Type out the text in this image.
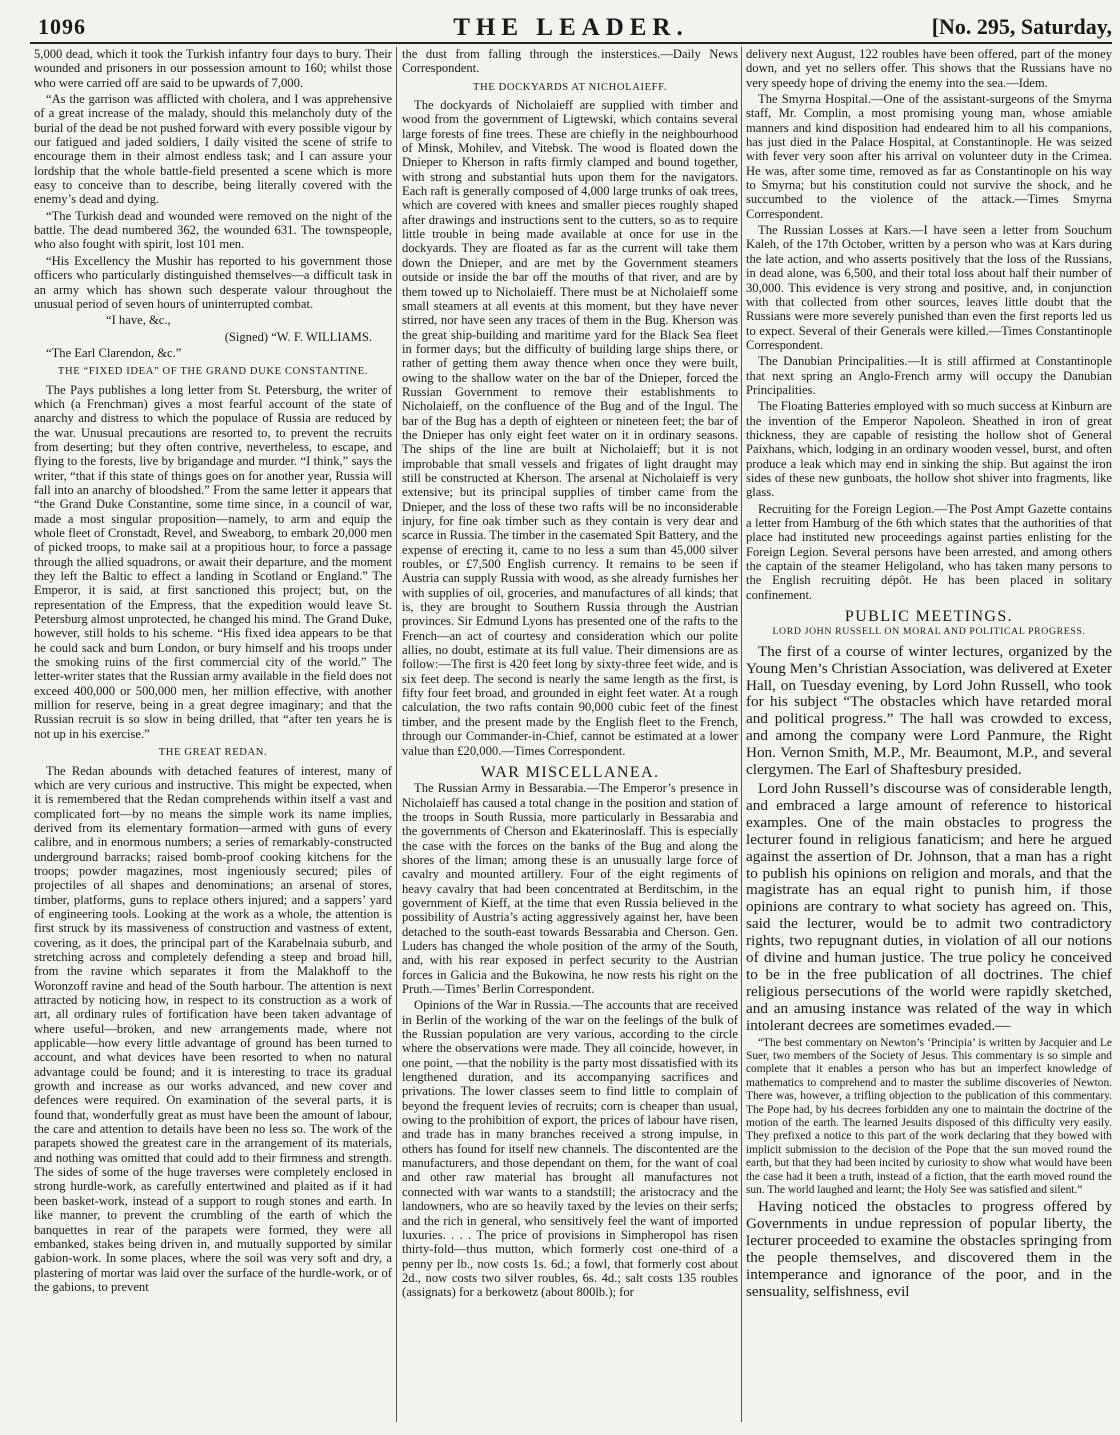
1096	THE LEADER.	[No. 295, Saturday,

5,000 dead, which it took the Turkish infantry four days to bury. Their wounded and prisoners in our possession amount to 160; whilst those who were carried off are said to be upwards of 7,000.

“As the garrison was afflicted with cholera, and I was apprehensive of a great increase of the malady, should this melancholy duty of the burial of the dead be not pushed forward with every possible vigour by our fatigued and jaded soldiers, I daily visited the scene of strife to encourage them in their almost endless task; and I can assure your lordship that the whole battle-field presented a scene which is more easy to conceive than to describe, being literally covered with the enemy’s dead and dying.

“The Turkish dead and wounded were removed on the night of the battle. The dead numbered 362, the wounded 631. The townspeople, who also fought with spirit, lost 101 men.

“His Excellency the Mushir has reported to his government those officers who particularly distinguished themselves—a difficult task in an army which has shown such desperate valour throughout the unusual period of seven hours of uninterrupted combat.

“I have, &c.,

(Signed) “W. F. WILLIAMS.

“The Earl Clarendon, &c.”

THE “FIXED IDEA” OF THE GRAND DUKE CONSTANTINE.

The Pays publishes a long letter from St. Petersburg, the writer of which (a Frenchman) gives a most fearful account of the state of anarchy and distress to which the populace of Russia are reduced by the war. Unusual precautions are resorted to, to prevent the recruits from deserting; but they often contrive, nevertheless, to escape, and flying to the forests, live by brigandage and murder. “I think,” says the writer, “that if this state of things goes on for another year, Russia will fall into an anarchy of bloodshed.” From the same letter it appears that “the Grand Duke Constantine, some time since, in a council of war, made a most singular proposition—namely, to arm and equip the whole fleet of Cronstadt, Revel, and Sweaborg, to embark 20,000 men of picked troops, to make sail at a propitious hour, to force a passage through the allied squadrons, or await their departure, and the moment they left the Baltic to effect a landing in Scotland or England.” The Emperor, it is said, at first sanctioned this project; but, on the representation of the Empress, that the expedition would leave St. Petersburg almost unprotected, he changed his mind. The Grand Duke, however, still holds to his scheme. “His fixed idea appears to be that he could sack and burn London, or bury himself and his troops under the smoking ruins of the first commercial city of the world.” The letter-writer states that the Russian army available in the field does not exceed 400,000 or 500,000 men, her million effective, with another million for reserve, being in a great degree imaginary; and that the Russian recruit is so slow in being drilled, that “after ten years he is not up in his exercise.”

THE GREAT REDAN.

The Redan abounds with detached features of interest, many of which are very curious and instructive. This might be expected, when it is remembered that the Redan comprehends within itself a vast and complicated fort—by no means the simple work its name implies, derived from its elementary formation—armed with guns of every calibre, and in enormous numbers; a series of remarkably-constructed underground barracks; raised bomb-proof cooking kitchens for the troops; powder magazines, most ingeniously secured; piles of projectiles of all shapes and denominations; an arsenal of stores, timber, platforms, guns to replace others injured; and a sappers’ yard of engineering tools. Looking at the work as a whole, the attention is first struck by its massiveness of construction and vastness of extent, covering, as it does, the principal part of the Karabelnaia suburb, and stretching across and completely defending a steep and broad hill, from the ravine which separates it from the Malakhoff to the Woronzoff ravine and head of the South harbour. The attention is next attracted by noticing how, in respect to its construction as a work of art, all ordinary rules of fortification have been taken advantage of where useful—broken, and new arrangements made, where not applicable—how every little advantage of ground has been turned to account, and what devices have been resorted to when no natural advantage could be found; and it is interesting to trace its gradual growth and increase as our works advanced, and new cover and defences were required. On examination of the several parts, it is found that, wonderfully great as must have been the amount of labour, the care and attention to details have been no less so. The work of the parapets showed the greatest care in the arrangement of its materials, and nothing was omitted that could add to their firmness and strength. The sides of some of the huge traverses were completely enclosed in strong hurdle-work, as carefully entertwined and plaited as if it had been basket-work, instead of a support to rough stones and earth. In like manner, to prevent the crumbling of the earth of which the banquettes in rear of the parapets were formed, they were all embanked, stakes being driven in, and mutually supported by similar gabion-work. In some places, where the soil was very soft and dry, a plastering of mortar was laid over the surface of the hurdle-work, or of the gabions, to prevent

the dust from falling through the insterstices.—Daily News Correspondent.

THE DOCKYARDS AT NICHOLAIEFF.

The dockyards of Nicholaieff are supplied with timber and wood from the government of Ligtewski, which contains several large forests of fine trees. These are chiefly in the neighbourhood of Minsk, Mohilev, and Vitebsk. The wood is floated down the Dnieper to Kherson in rafts firmly clamped and bound together, with strong and substantial huts upon them for the navigators. Each raft is generally composed of 4,000 large trunks of oak trees, which are covered with knees and smaller pieces roughly shaped after drawings and instructions sent to the cutters, so as to require little trouble in being made available at once for use in the dockyards. They are floated as far as the current will take them down the Dnieper, and are met by the Government steamers outside or inside the bar off the mouths of that river, and are by them towed up to Nicholaieff. There must be at Nicholaieff some small steamers at all events at this moment, but they have never stirred, nor have seen any traces of them in the Bug. Kherson was the great ship-building and maritime yard for the Black Sea fleet in former days; but the difficulty of building large ships there, or rather of getting them away thence when once they were built, owing to the shallow water on the bar of the Dnieper, forced the Russian Government to remove their establishments to Nicholaieff, on the confluence of the Bug and of the Ingul. The bar of the Bug has a depth of eighteen or nineteen feet; the bar of the Dnieper has only eight feet water on it in ordinary seasons. The ships of the line are built at Nicholaieff; but it is not improbable that small vessels and frigates of light draught may still be constructed at Kherson. The arsenal at Nicholaieff is very extensive; but its principal supplies of timber came from the Dnieper, and the loss of these two rafts will be no inconsiderable injury, for fine oak timber such as they contain is very dear and scarce in Russia. The timber in the casemated Spit Battery, and the expense of erecting it, came to no less a sum than 45,000 silver roubles, or £7,500 English currency. It remains to be seen if Austria can supply Russia with wood, as she already furnishes her with supplies of oil, groceries, and manufactures of all kinds; that is, they are brought to Southern Russia through the Austrian provinces. Sir Edmund Lyons has presented one of the rafts to the French—an act of courtesy and consideration which our polite allies, no doubt, estimate at its full value. Their dimensions are as follow:—The first is 420 feet long by sixty-three feet wide, and is six feet deep. The second is nearly the same length as the first, is fifty four feet broad, and grounded in eight feet water. At a rough calculation, the two rafts contain 90,000 cubic feet of the finest timber, and the present made by the English fleet to the French, through our Commander-in-Chief, cannot be estimated at a lower value than £20,000.—Times Correspondent.

WAR MISCELLANEA.

The Russian Army in Bessarabia.—The Emperor’s presence in Nicholaieff has caused a total change in the position and station of the troops in South Russia, more particularly in Bessarabia and the governments of Cherson and Ekaterinoslaff. This is especially the case with the forces on the banks of the Bug and along the shores of the liman; among these is an unusually large force of cavalry and mounted artillery. Four of the eight regiments of heavy cavalry that had been concentrated at Berditschim, in the government of Kieff, at the time that even Russia believed in the possibility of Austria’s acting aggressively against her, have been detached to the south-east towards Bessarabia and Cherson. Gen. Luders has changed the whole position of the army of the South, and, with his rear exposed in perfect security to the Austrian forces in Galicia and the Bukowina, he now rests his right on the Pruth.—Times’ Berlin Correspondent.

Opinions of the War in Russia.—The accounts that are received in Berlin of the working of the war on the feelings of the bulk of the Russian population are very various, according to the circle where the observations were made. They all coincide, however, in one point, —that the nobility is the party most dissatisfied with its lengthened duration, and its accompanying sacrifices and privations. The lower classes seem to find little to complain of beyond the frequent levies of recruits; corn is cheaper than usual, owing to the prohibition of export, the prices of labour have risen, and trade has in many branches received a strong impulse, in others has found for itself new channels. The discontented are the manufacturers, and those dependant on them, for the want of coal and other raw material has brought all manufactures not connected with war wants to a standstill; the aristocracy and the landowners, who are so heavily taxed by the levies on their serfs; and the rich in general, who sensitively feel the want of imported luxuries. . . . The price of provisions in Simpheropol has risen thirty-fold—thus mutton, which formerly cost one-third of a penny per lb., now costs 1s. 6d.; a fowl, that formerly cost about 2d., now costs two silver roubles, 6s. 4d.; salt costs 135 roubles (assignats) for a berkowetz (about 800lb.); for

delivery next August, 122 roubles have been offered, part of the money down, and yet no sellers offer. This shows that the Russians have no very speedy hope of driving the enemy into the sea.—Idem.

The Smyrna Hospital.—One of the assistant-surgeons of the Smyrna staff, Mr. Complin, a most promising young man, whose amiable manners and kind disposition had endeared him to all his companions, has just died in the Palace Hospital, at Constantinople. He was seized with fever very soon after his arrival on volunteer duty in the Crimea. He was, after some time, removed as far as Constantinople on his way to Smyrna; but his constitution could not survive the shock, and he succumbed to the violence of the attack.—Times Smyrna Correspondent.

The Russian Losses at Kars.—I have seen a letter from Souchum Kaleh, of the 17th October, written by a person who was at Kars during the late action, and who asserts positively that the loss of the Russians, in dead alone, was 6,500, and their total loss about half their number of 30,000. This evidence is very strong and positive, and, in conjunction with that collected from other sources, leaves little doubt that the Russians were more severely punished than even the first reports led us to expect. Several of their Generals were killed.—Times Constantinople Correspondent.

The Danubian Principalities.—It is still affirmed at Constantinople that next spring an Anglo-French army will occupy the Danubian Principalities.

The Floating Batteries employed with so much success at Kinburn are the invention of the Emperor Napoleon. Sheathed in iron of great thickness, they are capable of resisting the hollow shot of General Paixhans, which, lodging in an ordinary wooden vessel, burst, and often produce a leak which may end in sinking the ship. But against the iron sides of these new gunboats, the hollow shot shiver into fragments, like glass.

Recruiting for the Foreign Legion.—The Post Ampt Gazette contains a letter from Hamburg of the 6th which states that the authorities of that place had instituted new proceedings against parties enlisting for the Foreign Legion. Several persons have been arrested, and among others the captain of the steamer Heligoland, who has taken many persons to the English recruiting dépôt. He has been placed in solitary confinement.

PUBLIC MEETINGS.
LORD JOHN RUSSELL ON MORAL AND POLITICAL PROGRESS.

The first of a course of winter lectures, organized by the Young Men’s Christian Association, was delivered at Exeter Hall, on Tuesday evening, by Lord John Russell, who took for his subject “The obstacles which have retarded moral and political progress.” The hall was crowded to excess, and among the company were Lord Panmure, the Right Hon. Vernon Smith, M.P., Mr. Beaumont, M.P., and several clergymen. The Earl of Shaftesbury presided.

Lord John Russell’s discourse was of considerable length, and embraced a large amount of reference to historical examples. One of the main obstacles to progress the lecturer found in religious fanaticism; and here he argued against the assertion of Dr. Johnson, that a man has a right to publish his opinions on religion and morals, and that the magistrate has an equal right to punish him, if those opinions are contrary to what society has agreed on. This, said the lecturer, would be to admit two contradictory rights, two repugnant duties, in violation of all our notions of divine and human justice. The true policy he conceived to be in the free publication of all doctrines. The chief religious persecutions of the world were rapidly sketched, and an amusing instance was related of the way in which intolerant decrees are sometimes evaded.—

“The best commentary on Newton’s ‘Principia’ is written by Jacquier and Le Suer, two members of the Society of Jesus. This commentary is so simple and complete that it enables a person who has but an imperfect knowledge of mathematics to comprehend and to master the sublime discoveries of Newton. There was, however, a trifling objection to the publication of this commentary. The Pope had, by his decrees forbidden any one to maintain the doctrine of the motion of the earth. The learned Jesuits disposed of this difficulty very easily. They prefixed a notice to this part of the work declaring that they bowed with implicit submission to the decision of the Pope that the sun moved round the earth, but that they had been incited by curiosity to show what would have been the case had it been a truth, instead of a fiction, that the earth moved round the sun. The world laughed and learnt; the Holy See was satisfied and silent.”

Having noticed the obstacles to progress offered by Governments in undue repression of popular liberty, the lecturer proceeded to examine the obstacles springing from the people themselves, and discovered them in the intemperance and ignorance of the poor, and in the sensuality, selfishness, evil
